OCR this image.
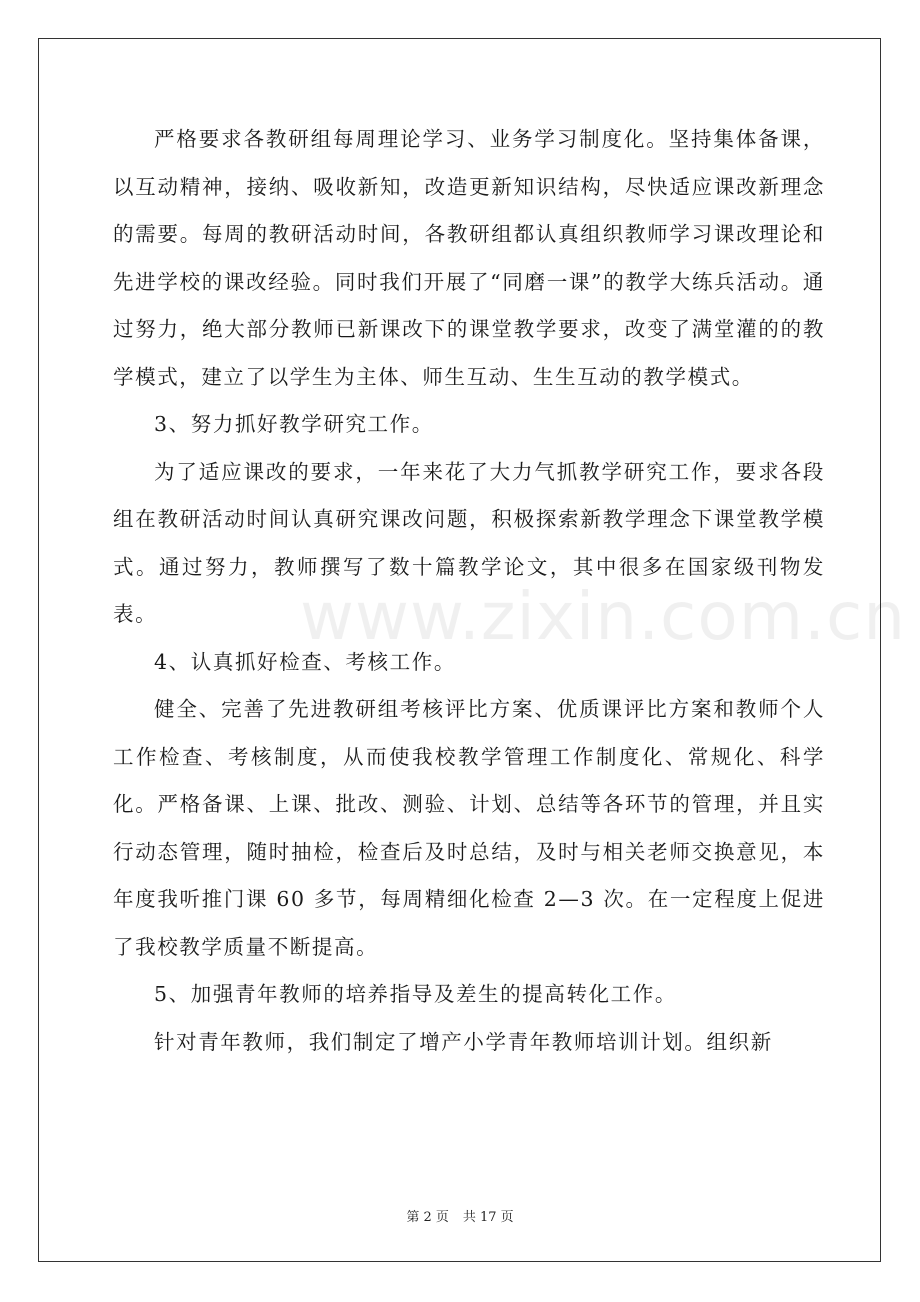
www.zixin.com.cn

严格要求各教研组每周理论学习、业务学习制度化。坚持集体备课，以互动精神，接纳、吸收新知，改造更新知识结构，尽快适应课改新理念的需要。每周的教研活动时间，各教研组都认真组织教师学习课改理论和先进学校的课改经验。同时我们开展了“同磨一课”的教学大练兵活动。通过努力，绝大部分教师已新课改下的课堂教学要求，改变了满堂灌的的教学模式，建立了以学生为主体、师生互动、生生互动的教学模式。

3、努力抓好教学研究工作。

为了适应课改的要求，一年来花了大力气抓教学研究工作，要求各段组在教研活动时间认真研究课改问题，积极探索新教学理念下课堂教学模式。通过努力，教师撰写了数十篇教学论文，其中很多在国家级刊物发表。

4、认真抓好检查、考核工作。

健全、完善了先进教研组考核评比方案、优质课评比方案和教师个人工作检查、考核制度，从而使我校教学管理工作制度化、常规化、科学化。严格备课、上课、批改、测验、计划、总结等各环节的管理，并且实行动态管理，随时抽检，检查后及时总结，及时与相关老师交换意见，本年度我听推门课 60 多节，每周精细化检查 2—3 次。在一定程度上促进了我校教学质量不断提高。

5、加强青年教师的培养指导及差生的提高转化工作。

针对青年教师，我们制定了增产小学青年教师培训计划。组织新

第 2 页 共 17 页
